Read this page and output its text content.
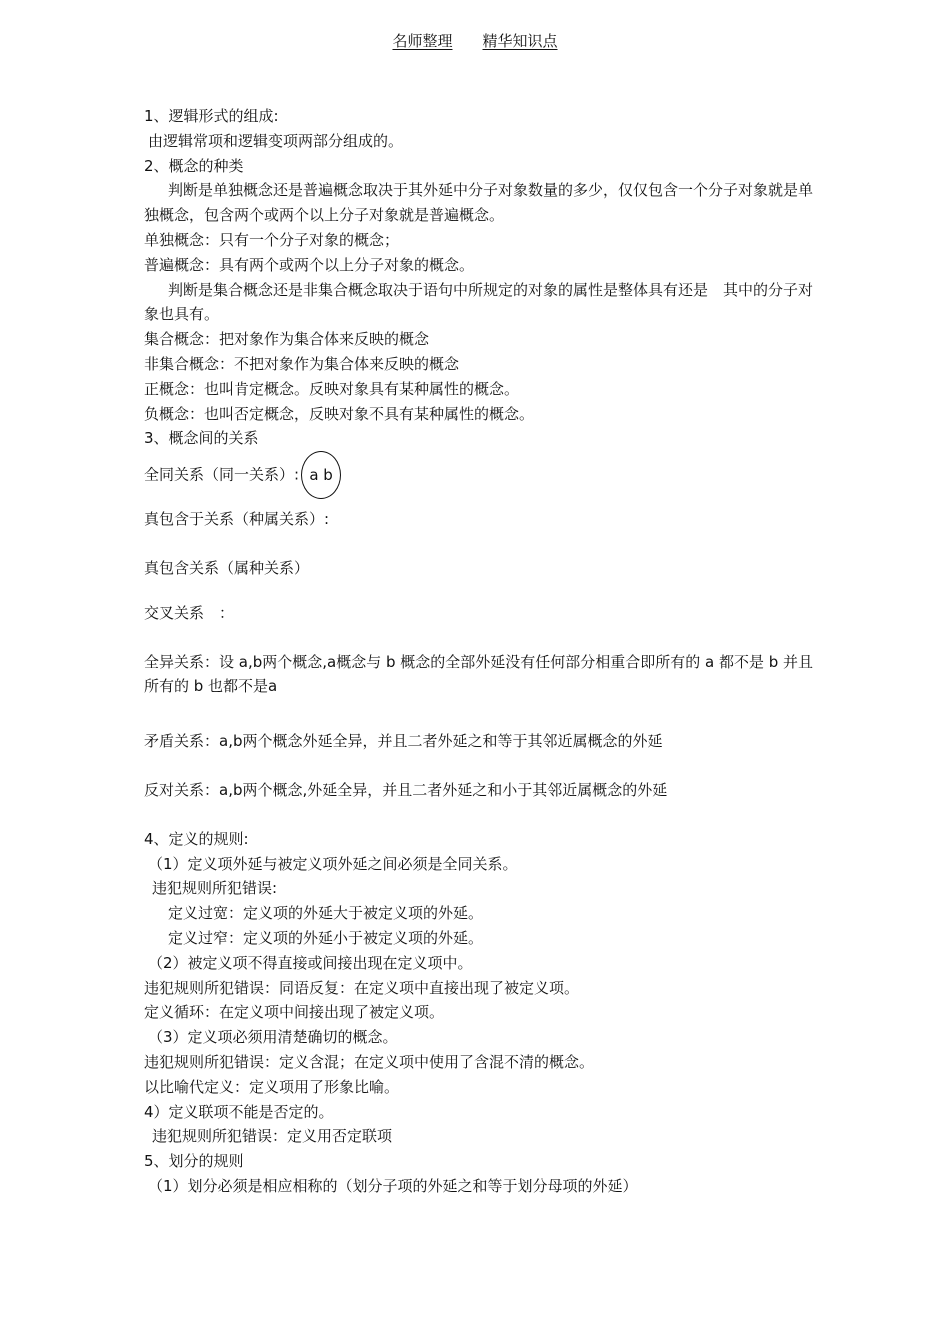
名师整理 精华知识点

1、逻辑形式的组成:

由逻辑常项和逻辑变项两部分组成的。

2、概念的种类

判断是单独概念还是普遍概念取决于其外延中分子对象数量的多少，仅仅包含一个分子对象就是单独概念，包含两个或两个以上分子对象就是普遍概念。

单独概念：只有一个分子对象的概念；

普遍概念：具有两个或两个以上分子对象的概念。

判断是集合概念还是非集合概念取决于语句中所规定的对象的属性是整体具有还是　其中的分子对象也具有。

集合概念：把对象作为集合体来反映的概念

非集合概念：不把对象作为集合体来反映的概念

正概念：也叫肯定概念。反映对象具有某种属性的概念。

负概念：也叫否定概念，反映对象不具有某种属性的概念。

3、概念间的关系

全同关系（同一关系）: a b

真包含于关系（种属关系）:

真包含关系（属种关系）

交叉关系　：

全异关系：设 a,b两个概念,a概念与 b 概念的全部外延没有任何部分相重合即所有的 a 都不是 b 并且所有的 b 也都不是a

矛盾关系：a,b两个概念外延全异，并且二者外延之和等于其邻近属概念的外延

反对关系：a,b两个概念,外延全异，并且二者外延之和小于其邻近属概念的外延

4、定义的规则:

（1）定义项外延与被定义项外延之间必须是全同关系。

违犯规则所犯错误:

定义过宽：定义项的外延大于被定义项的外延。

定义过窄：定义项的外延小于被定义项的外延。

（2）被定义项不得直接或间接出现在定义项中。

违犯规则所犯错误：同语反复：在定义项中直接出现了被定义项。

定义循环：在定义项中间接出现了被定义项。

（3）定义项必须用清楚确切的概念。

违犯规则所犯错误：定义含混；在定义项中使用了含混不清的概念。

以比喻代定义：定义项用了形象比喻。

4）定义联项不能是否定的。

违犯规则所犯错误：定义用否定联项

5、划分的规则

（1）划分必须是相应相称的（划分子项的外延之和等于划分母项的外延）
